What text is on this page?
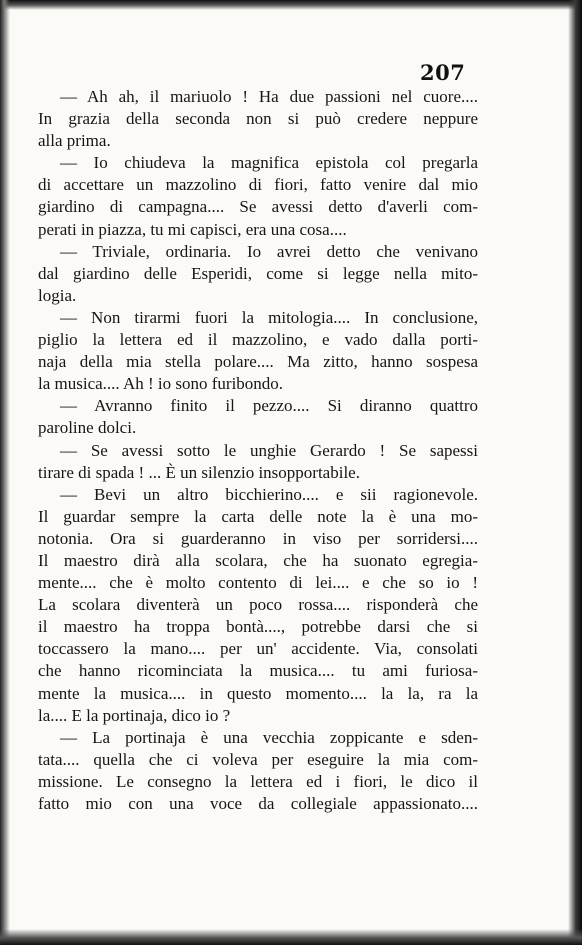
207
— Ah ah, il mariuolo ! Ha due passioni nel cuore....
In grazia della seconda non si può credere neppure
alla prima.
— Io chiudeva la magnifica epistola col pregarla
di accettare un mazzolino di fiori, fatto venire dal mio
giardino di campagna.... Se avessi detto d'averli com-
perati in piazza, tu mi capisci, era una cosa....
— Triviale, ordinaria. Io avrei detto che venivano
dal giardino delle Esperidi, come si legge nella mito-
logia.
— Non tirarmi fuori la mitologia.... In conclusione,
piglio la lettera ed il mazzolino, e vado dalla porti-
naja della mia stella polare.... Ma zitto, hanno sospesa
la musica.... Ah ! io sono furibondo.
— Avranno finito il pezzo.... Si diranno quattro
paroline dolci.
— Se avessi sotto le unghie Gerardo ! Se sapessi
tirare di spada ! ... È un silenzio insopportabile.
— Bevi un altro bicchierino.... e sii ragionevole.
Il guardar sempre la carta delle note la è una mo-
notonia. Ora si guarderanno in viso per sorridersi....
Il maestro dirà alla scolara, che ha suonato egregia-
mente.... che è molto contento di lei.... e che so io !
La scolara diventerà un poco rossa.... risponderà che
il maestro ha troppa bontà...., potrebbe darsi che si
toccassero la mano.... per un' accidente. Via, consolati
che hanno ricominciata la musica.... tu ami furiosa-
mente la musica.... in questo momento.... la la, ra la
la.... E la portinaja, dico io ?
— La portinaja è una vecchia zoppicante e sden-
tata.... quella che ci voleva per eseguire la mia com-
missione. Le consegno la lettera ed i fiori, le dico il
fatto mio con una voce da collegiale appassionato....
